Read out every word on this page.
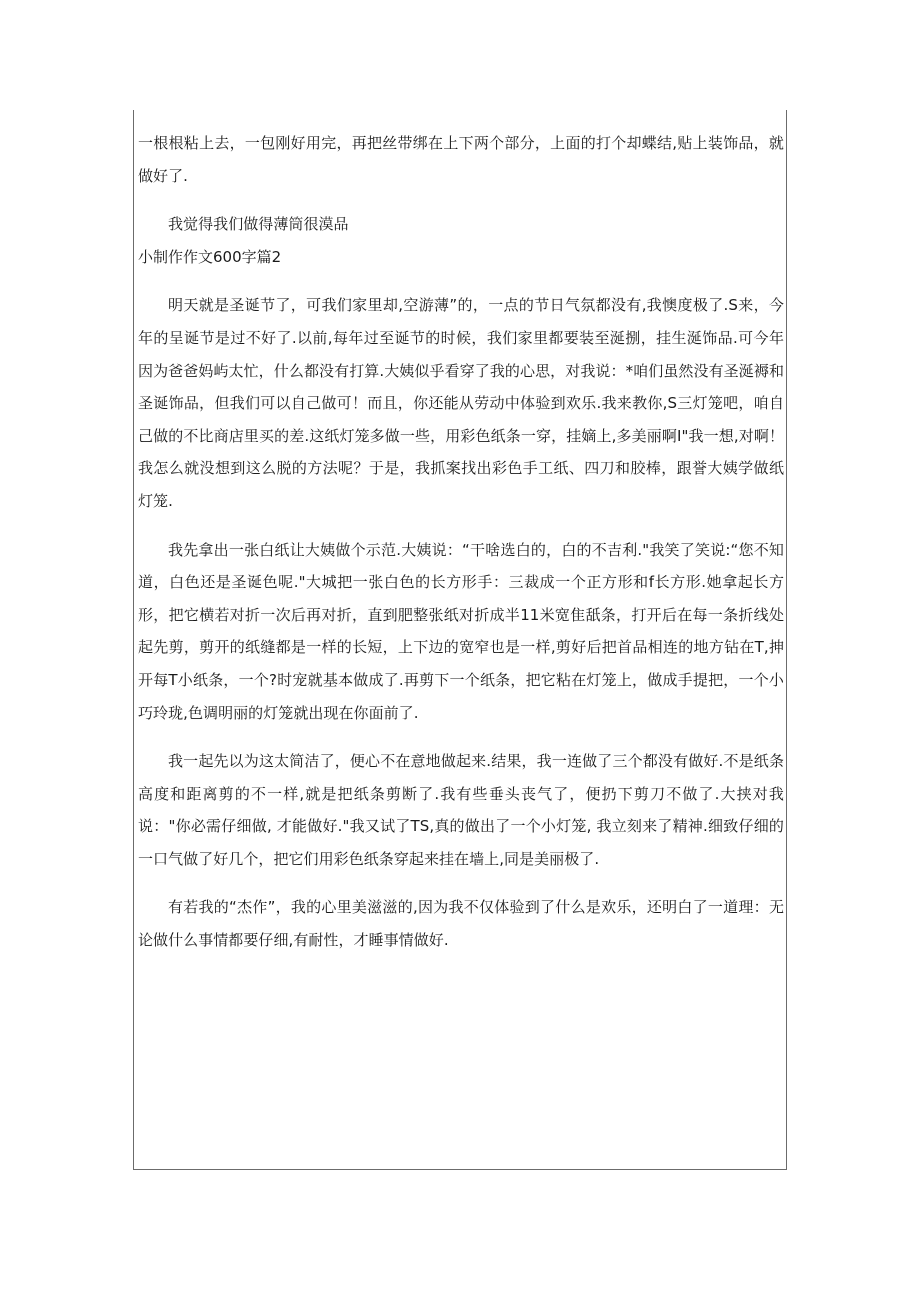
一根根粘上去，一包刚好用完，再把丝带绑在上下两个部分，上面的打个却蝶结,贴上装饰品，就做好了.

我觉得我们做得薄筒很漠品

小制作作文600字篇2

明天就是圣诞节了，可我们家里却,空游薄”的，一点的节日气氛都没有,我懊度极了.S来，今年的呈诞节是过不好了.以前,每年过至诞节的时候，我们家里都要装至涎捌，挂生涎饰品.可今年因为爸爸妈屿太忙，什么都没有打算.大姨似乎看穿了我的心思，对我说：*咱们虽然没有圣涎褥和圣诞饰品，但我们可以自己做可！而且，你还能从劳动中体验到欢乐.我来教你,S三灯笼吧，咱自己做的不比商店里买的差.这纸灯笼多做一些，用彩色纸条一穿，挂嫡上,多美丽啊I"我一想,对啊！我怎么就没想到这么脱的方法呢？于是，我抓案找出彩色手工纸、四刀和胶棒，跟誉大姨学做纸灯笼.

我先拿出一张白纸让大姨做个示范.大姨说：“干啥选白的，白的不吉利."我笑了笑说:“您不知道，白色还是圣诞色呢."大城把一张白色的长方形手：三裁成一个正方形和f长方形.她拿起长方形，把它横若对折一次后再对折，直到肥整张纸对折成半11米宽隹舐条，打开后在每一条折线处起先剪，剪开的纸缝都是一样的长短，上下边的宽窄也是一样,剪好后把首品相连的地方钻在T,抻开每T小纸条，一个?时宠就基本做成了.再剪下一个纸条，把它粘在灯笼上，做成手提把，一个小巧玲珑,色调明丽的灯笼就出现在你面前了.

我一起先以为这太简洁了，便心不在意地做起来.结果，我一连做了三个都没有做好.不是纸条高度和距离剪的不一样,就是把纸条剪断了.我有些垂头丧气了，便扔下剪刀不做了.大挟对我说："你必需仔细做, 才能做好."我又试了TS,真的做出了一个小灯笼, 我立刻来了精神.细致仔细的一口气做了好几个，把它们用彩色纸条穿起来挂在墙上,同是美丽极了.

有若我的“杰作”，我的心里美滋滋的,因为我不仅体验到了什么是欢乐，还明白了一道理：无论做什么事情都要仔细,有耐性，才睡事情做好.
